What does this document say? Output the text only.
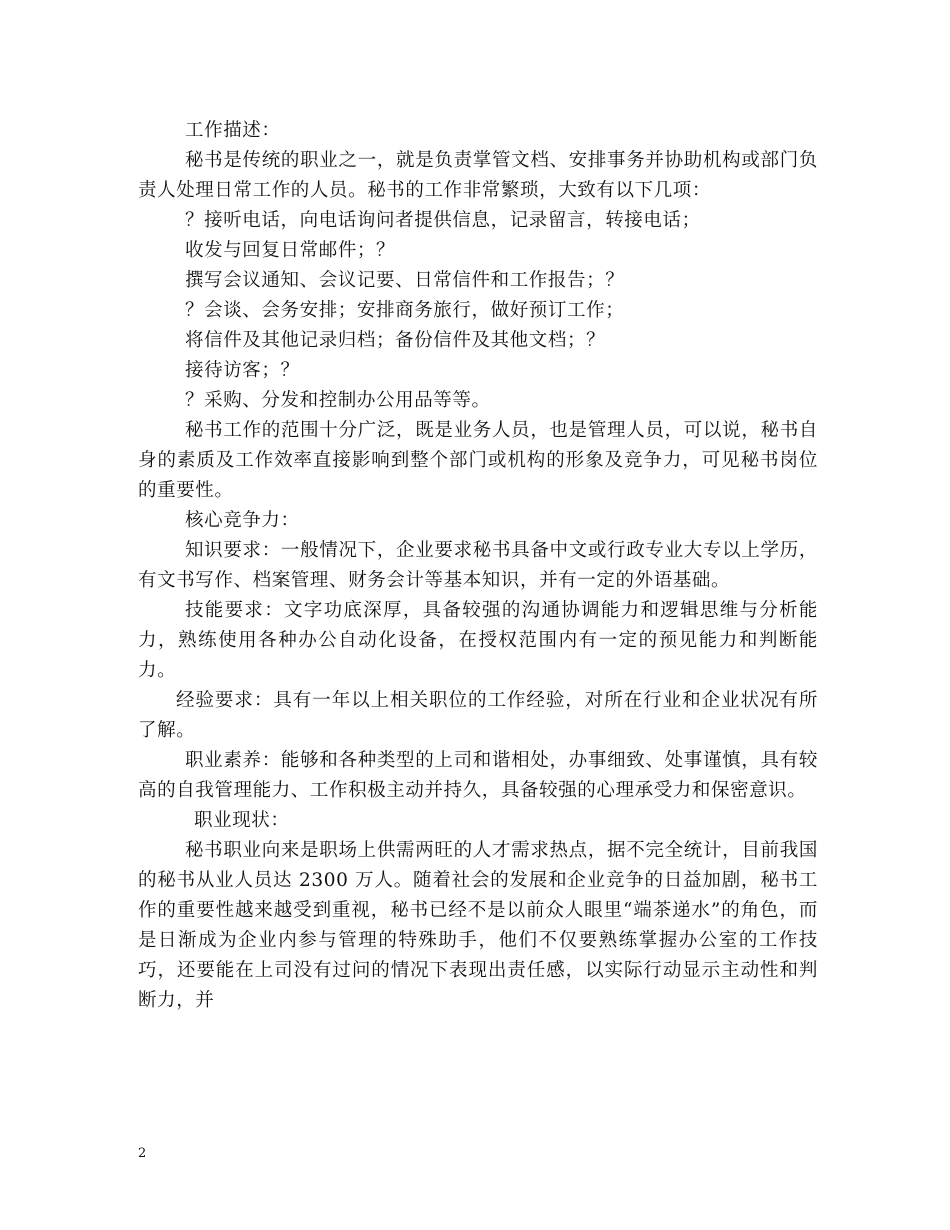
工作描述：

秘书是传统的职业之一，就是负责掌管文档、安排事务并协助机构或部门负责人处理日常工作的人员。秘书的工作非常繁琐，大致有以下几项：

？接听电话，向电话询问者提供信息，记录留言，转接电话；

收发与回复日常邮件；？

撰写会议通知、会议记要、日常信件和工作报告；？

？会谈、会务安排；安排商务旅行，做好预订工作；

将信件及其他记录归档；备份信件及其他文档；？

接待访客；？

？采购、分发和控制办公用品等等。

秘书工作的范围十分广泛，既是业务人员，也是管理人员，可以说，秘书自身的素质及工作效率直接影响到整个部门或机构的形象及竞争力，可见秘书岗位的重要性。

核心竞争力：

知识要求：一般情况下，企业要求秘书具备中文或行政专业大专以上学历，有文书写作、档案管理、财务会计等基本知识，并有一定的外语基础。

技能要求：文字功底深厚，具备较强的沟通协调能力和逻辑思维与分析能力，熟练使用各种办公自动化设备，在授权范围内有一定的预见能力和判断能力。

经验要求：具有一年以上相关职位的工作经验，对所在行业和企业状况有所了解。

职业素养：能够和各种类型的上司和谐相处，办事细致、处事谨慎，具有较高的自我管理能力、工作积极主动并持久，具备较强的心理承受力和保密意识。

职业现状：

秘书职业向来是职场上供需两旺的人才需求热点，据不完全统计，目前我国的秘书从业人员达 2300 万人。随着社会的发展和企业竞争的日益加剧，秘书工作的重要性越来越受到重视，秘书已经不是以前众人眼里“端茶递水”的角色，而是日渐成为企业内参与管理的特殊助手，他们不仅要熟练掌握办公室的工作技巧，还要能在上司没有过问的情况下表现出责任感，以实际行动显示主动性和判断力，并

2
